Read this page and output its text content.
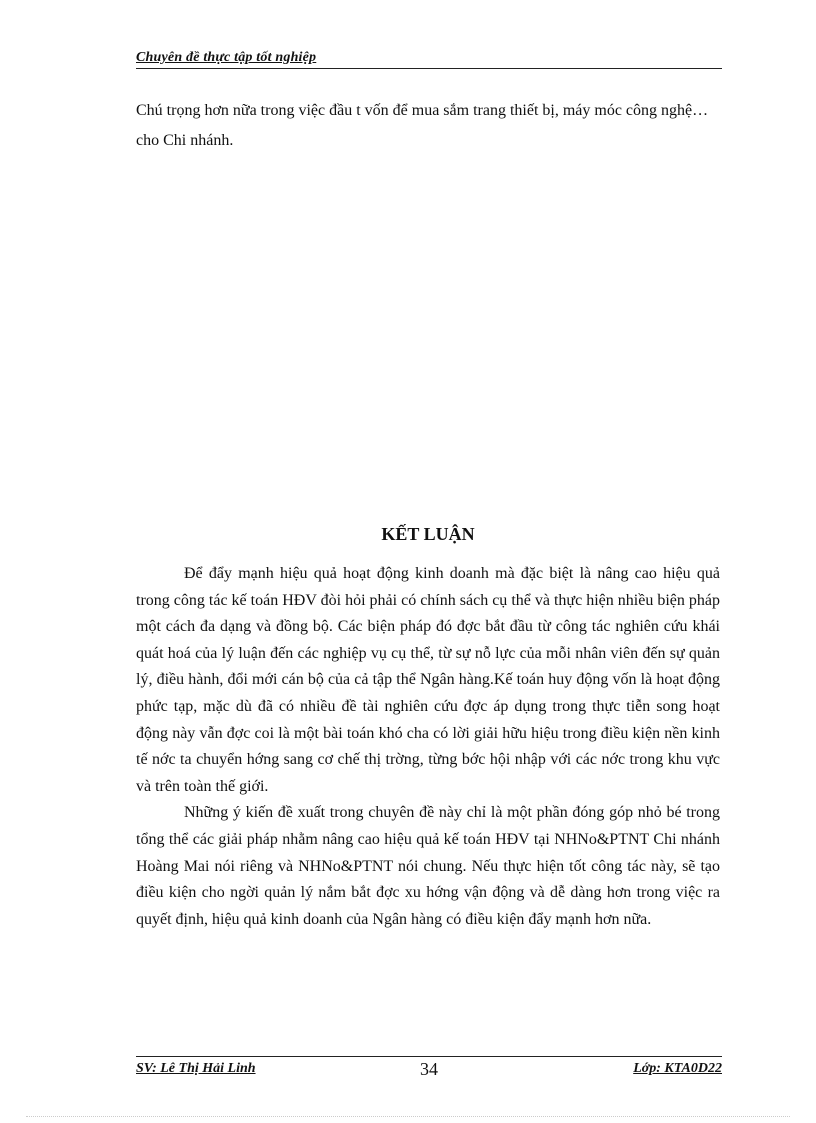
Chuyên đề thực tập tốt nghiệp

Chú trọng hơn nữa trong việc đầu t vốn để mua sắm trang thiết bị, máy móc công nghệ… cho Chi nhánh.

KẾT LUẬN

Để đẩy mạnh hiệu quả hoạt động kinh doanh mà đặc biệt là nâng cao hiệu quả trong công tác kế toán HĐV đòi hỏi phải có chính sách cụ thể và thực hiện nhiều biện pháp một cách đa dạng và đồng bộ. Các biện pháp đó đợc bắt đầu từ công tác nghiên cứu khái quát hoá của lý luận đến các nghiệp vụ cụ thể, từ sự nỗ lực của mỗi nhân viên đến sự quản lý, điều hành, đổi mới cán bộ của cả tập thể Ngân hàng.Kế toán huy động vốn là hoạt động phức tạp, mặc dù đã có nhiều đề tài nghiên cứu đợc áp dụng trong thực tiễn song hoạt động này vẫn đợc coi là một bài toán khó cha có lời giải hữu hiệu trong điều kiện nền kinh tế nớc ta chuyển hớng sang cơ chế thị trờng, từng bớc hội nhập với các nớc trong khu vực và trên toàn thế giới.

Những ý kiến đề xuất trong chuyên đề này chỉ là một phần đóng góp nhỏ bé trong tổng thể các giải pháp nhằm nâng cao hiệu quả kế toán HĐV tại NHNo&PTNT Chi nhánh Hoàng Mai nói riêng và NHNo&PTNT nói chung. Nếu thực hiện tốt công tác này, sẽ tạo điều kiện cho ngời quản lý nắm bắt đợc xu hớng vận động và dễ dàng hơn trong việc ra quyết định, hiệu quả kinh doanh của Ngân hàng có điều kiện đẩy mạnh hơn nữa.

SV: Lê Thị Hải Linh	34	Lớp: KTA0D22
